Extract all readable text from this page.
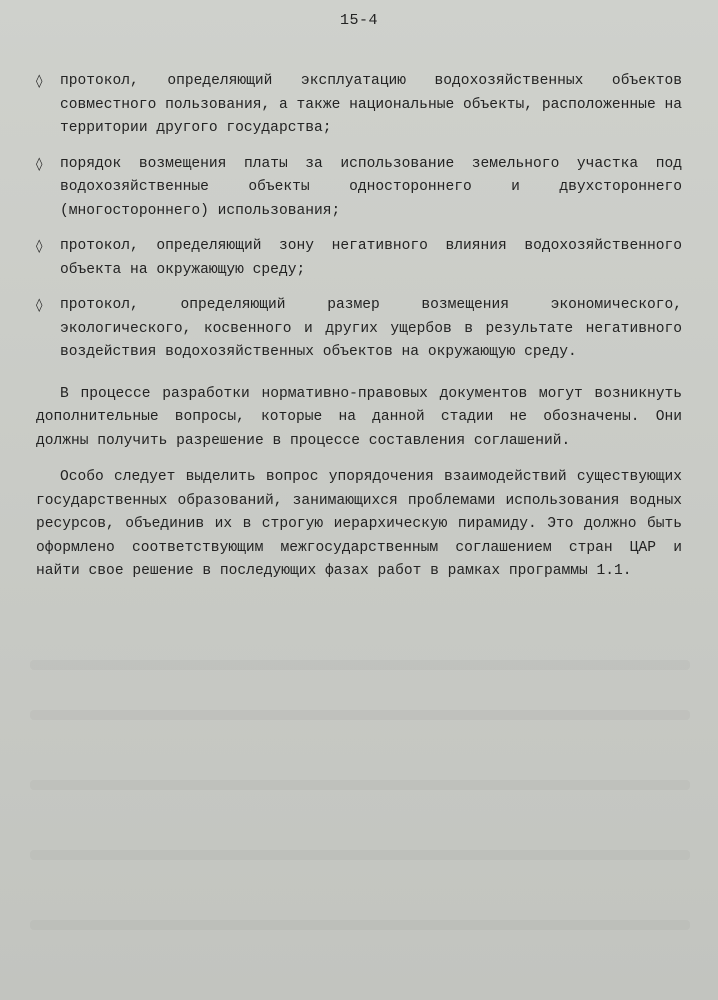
15-4
◊ протокол, определяющий эксплуатацию водохозяйственных объектов совместного пользования, а также национальные объекты, расположенные на территории другого государства;
◊ порядок возмещения платы за использование земельного участка под водохозяйственные объекты одностороннего и двухстороннего (многостороннего) использования;
◊ протокол, определяющий зону негативного влияния водохозяйственного объекта на окружающую среду;
◊ протокол, определяющий размер возмещения экономического, экологического, косвенного и других ущербов в результате негативного воздействия водохозяйственных объектов на окружающую среду.

В процессе разработки нормативно-правовых документов могут возникнуть дополнительные вопросы, которые на данной стадии не обозначены. Они должны получить разрешение в процессе составления соглашений.

Особо следует выделить вопрос упорядочения взаимодействий существующих государственных образований, занимающихся проблемами использования водных ресурсов, объединив их в строгую иерархическую пирамиду. Это должно быть оформлено соответствующим межгосударственным соглашением стран ЦАР и найти свое решение в последующих фазах работ в рамках программы 1.1.
